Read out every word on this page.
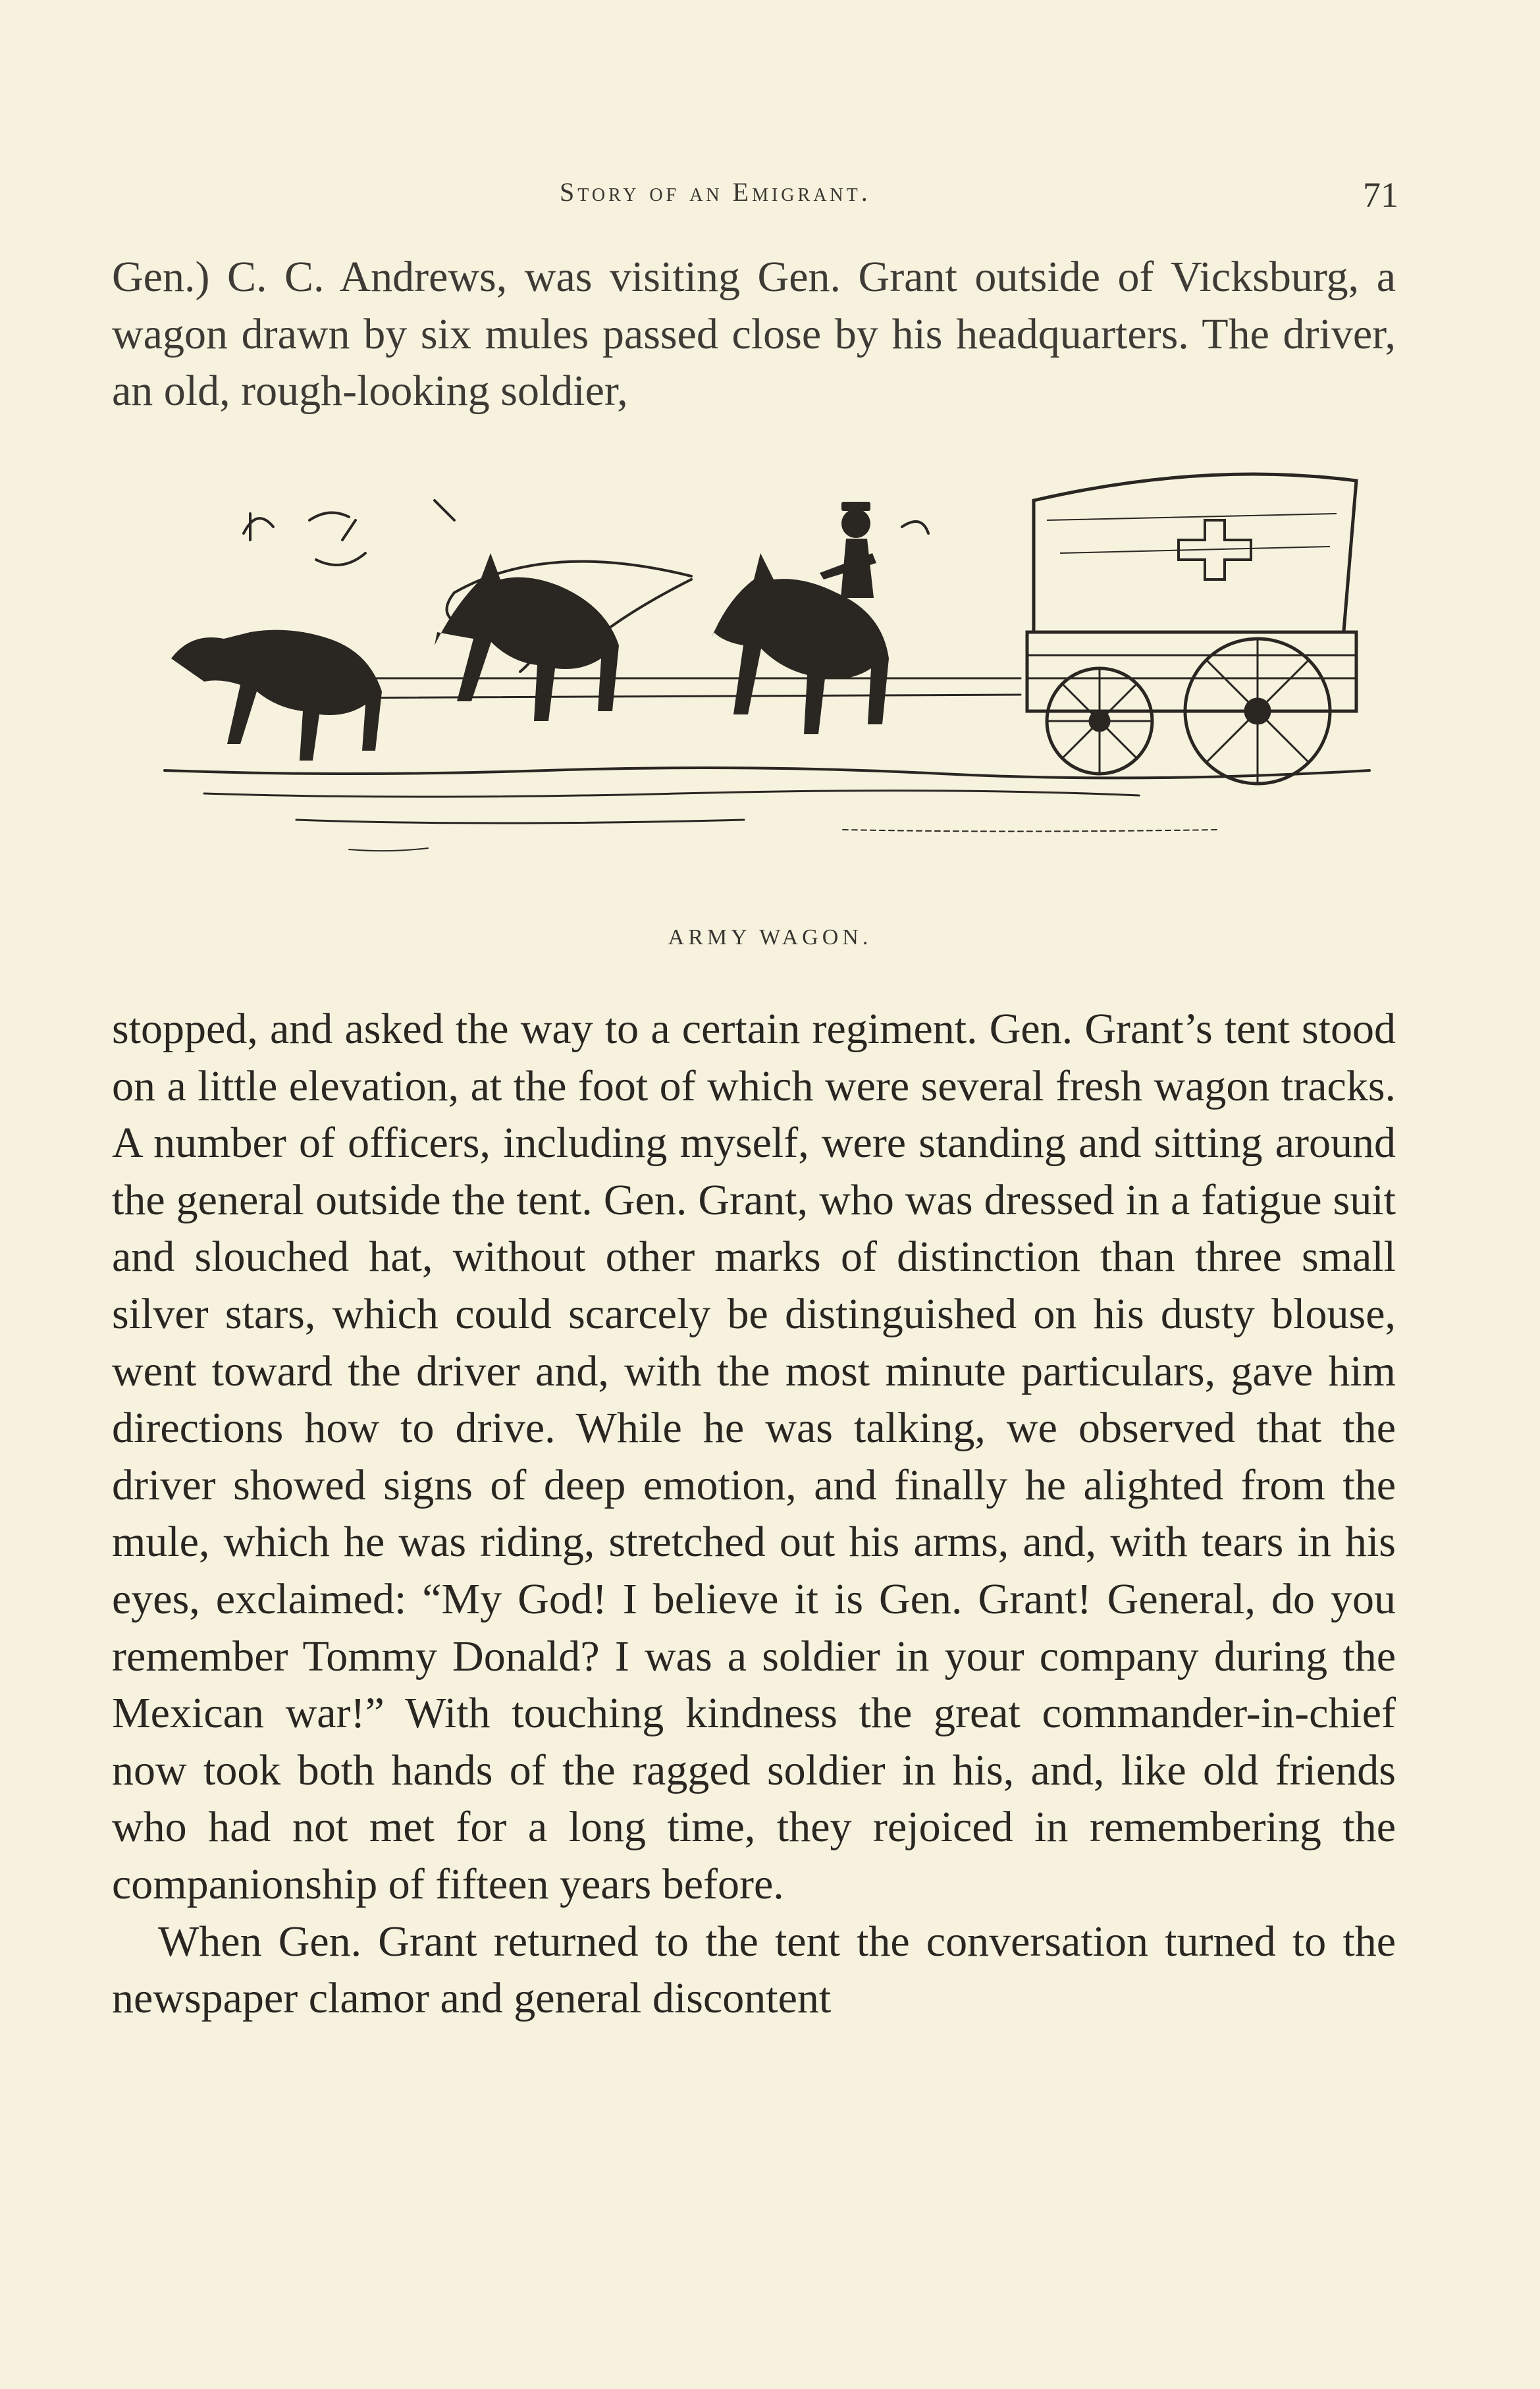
Story of an Emigrant.	71

Gen.) C. C. Andrews, was visiting Gen. Grant outside of Vicksburg, a wagon drawn by six mules passed close by his headquarters. The driver, an old, rough-looking soldier,

ARMY WAGON.

stopped, and asked the way to a certain regiment. Gen. Grant’s tent stood on a little elevation, at the foot of which were several fresh wagon tracks. A number of officers, including myself, were standing and sitting around the general outside the tent. Gen. Grant, who was dressed in a fatigue suit and slouched hat, without other marks of distinction than three small silver stars, which could scarcely be distinguished on his dusty blouse, went toward the driver and, with the most minute particulars, gave him directions how to drive. While he was talking, we observed that the driver showed signs of deep emotion, and finally he alighted from the mule, which he was riding, stretched out his arms, and, with tears in his eyes, exclaimed: “My God! I believe it is Gen. Grant! General, do you remember Tommy Donald? I was a soldier in your company during the Mexican war!” With touching kindness the great commander-in-chief now took both hands of the ragged soldier in his, and, like old friends who had not met for a long time, they rejoiced in remembering the companionship of fifteen years before.

When Gen. Grant returned to the tent the conversation turned to the newspaper clamor and general discontent
